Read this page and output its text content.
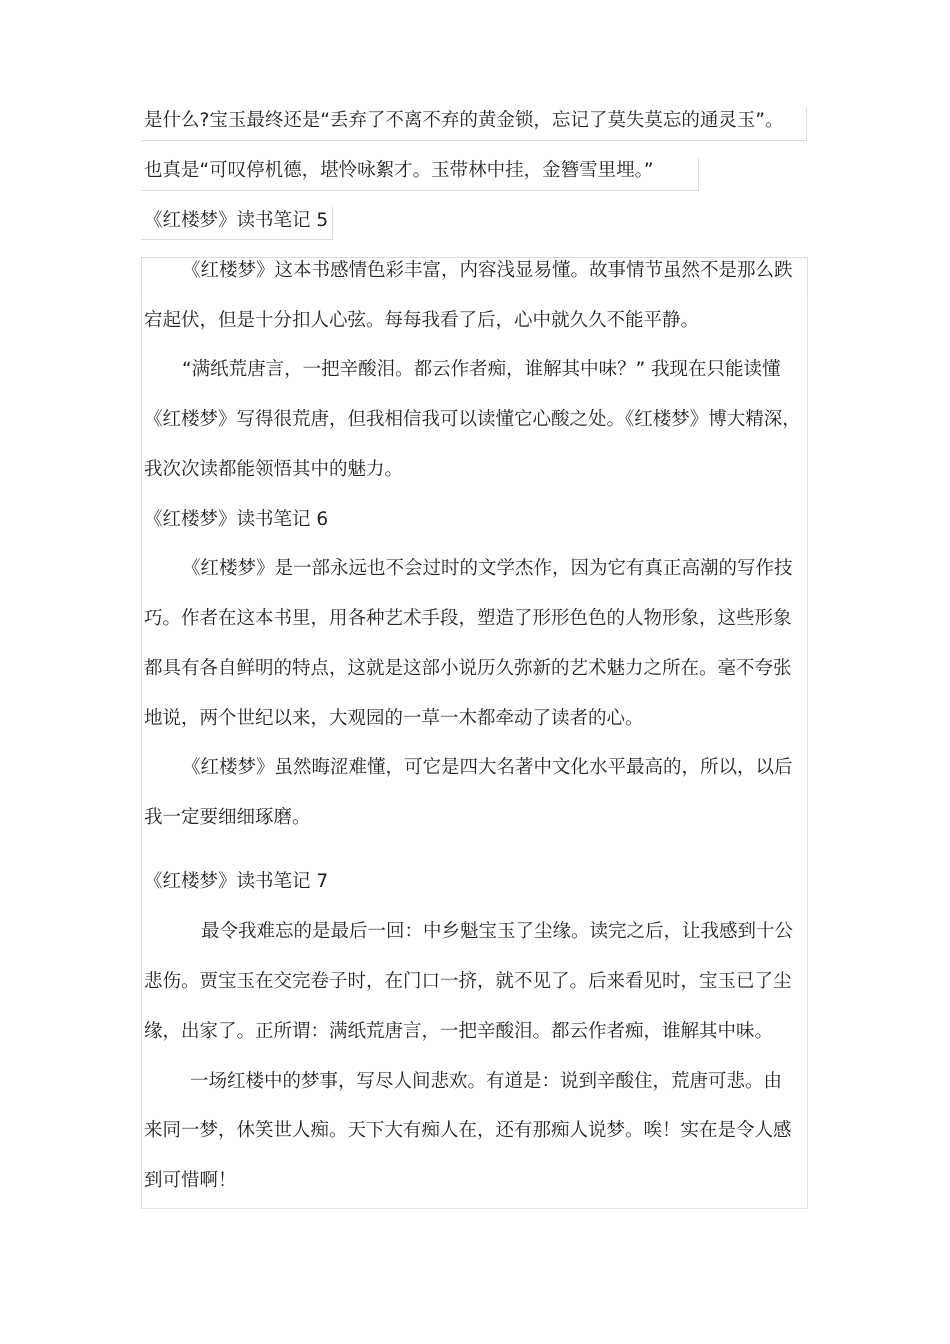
是什么?宝玉最终还是“丢弃了不离不弃的黄金锁，忘记了莫失莫忘的通灵玉”。
也真是“可叹停机德，堪怜咏絮才。玉带林中挂，金簪雪里埋。”
《红楼梦》读书笔记 5
《红楼梦》这本书感情色彩丰富，内容浅显易懂。故事情节虽然不是那么跌
宕起伏，但是十分扣人心弦。每每我看了后，心中就久久不能平静。
“满纸荒唐言，一把辛酸泪。都云作者痴，谁解其中味？” 我现在只能读懂
《红楼梦》写得很荒唐，但我相信我可以读懂它心酸之处。《红楼梦》博大精深，
我次次读都能领悟其中的魅力。
《红楼梦》读书笔记 6
《红楼梦》是一部永远也不会过时的文学杰作，因为它有真正高潮的写作技
巧。作者在这本书里，用各种艺术手段，塑造了形形色色的人物形象，这些形象
都具有各自鲜明的特点，这就是这部小说历久弥新的艺术魅力之所在。毫不夸张
地说，两个世纪以来，大观园的一草一木都牵动了读者的心。
《红楼梦》虽然晦涩难懂，可它是四大名著中文化水平最高的，所以，以后
我一定要细细琢磨。
《红楼梦》读书笔记 7
最令我难忘的是最后一回：中乡魁宝玉了尘缘。读完之后，让我感到十公
悲伤。贾宝玉在交完卷子时，在门口一挤，就不见了。后来看见时，宝玉已了尘
缘，出家了。正所谓：满纸荒唐言，一把辛酸泪。都云作者痴，谁解其中味。
一场红楼中的梦事，写尽人间悲欢。有道是：说到辛酸住，荒唐可悲。由
来同一梦，休笑世人痴。天下大有痴人在，还有那痴人说梦。唉！实在是令人感
到可惜啊！
